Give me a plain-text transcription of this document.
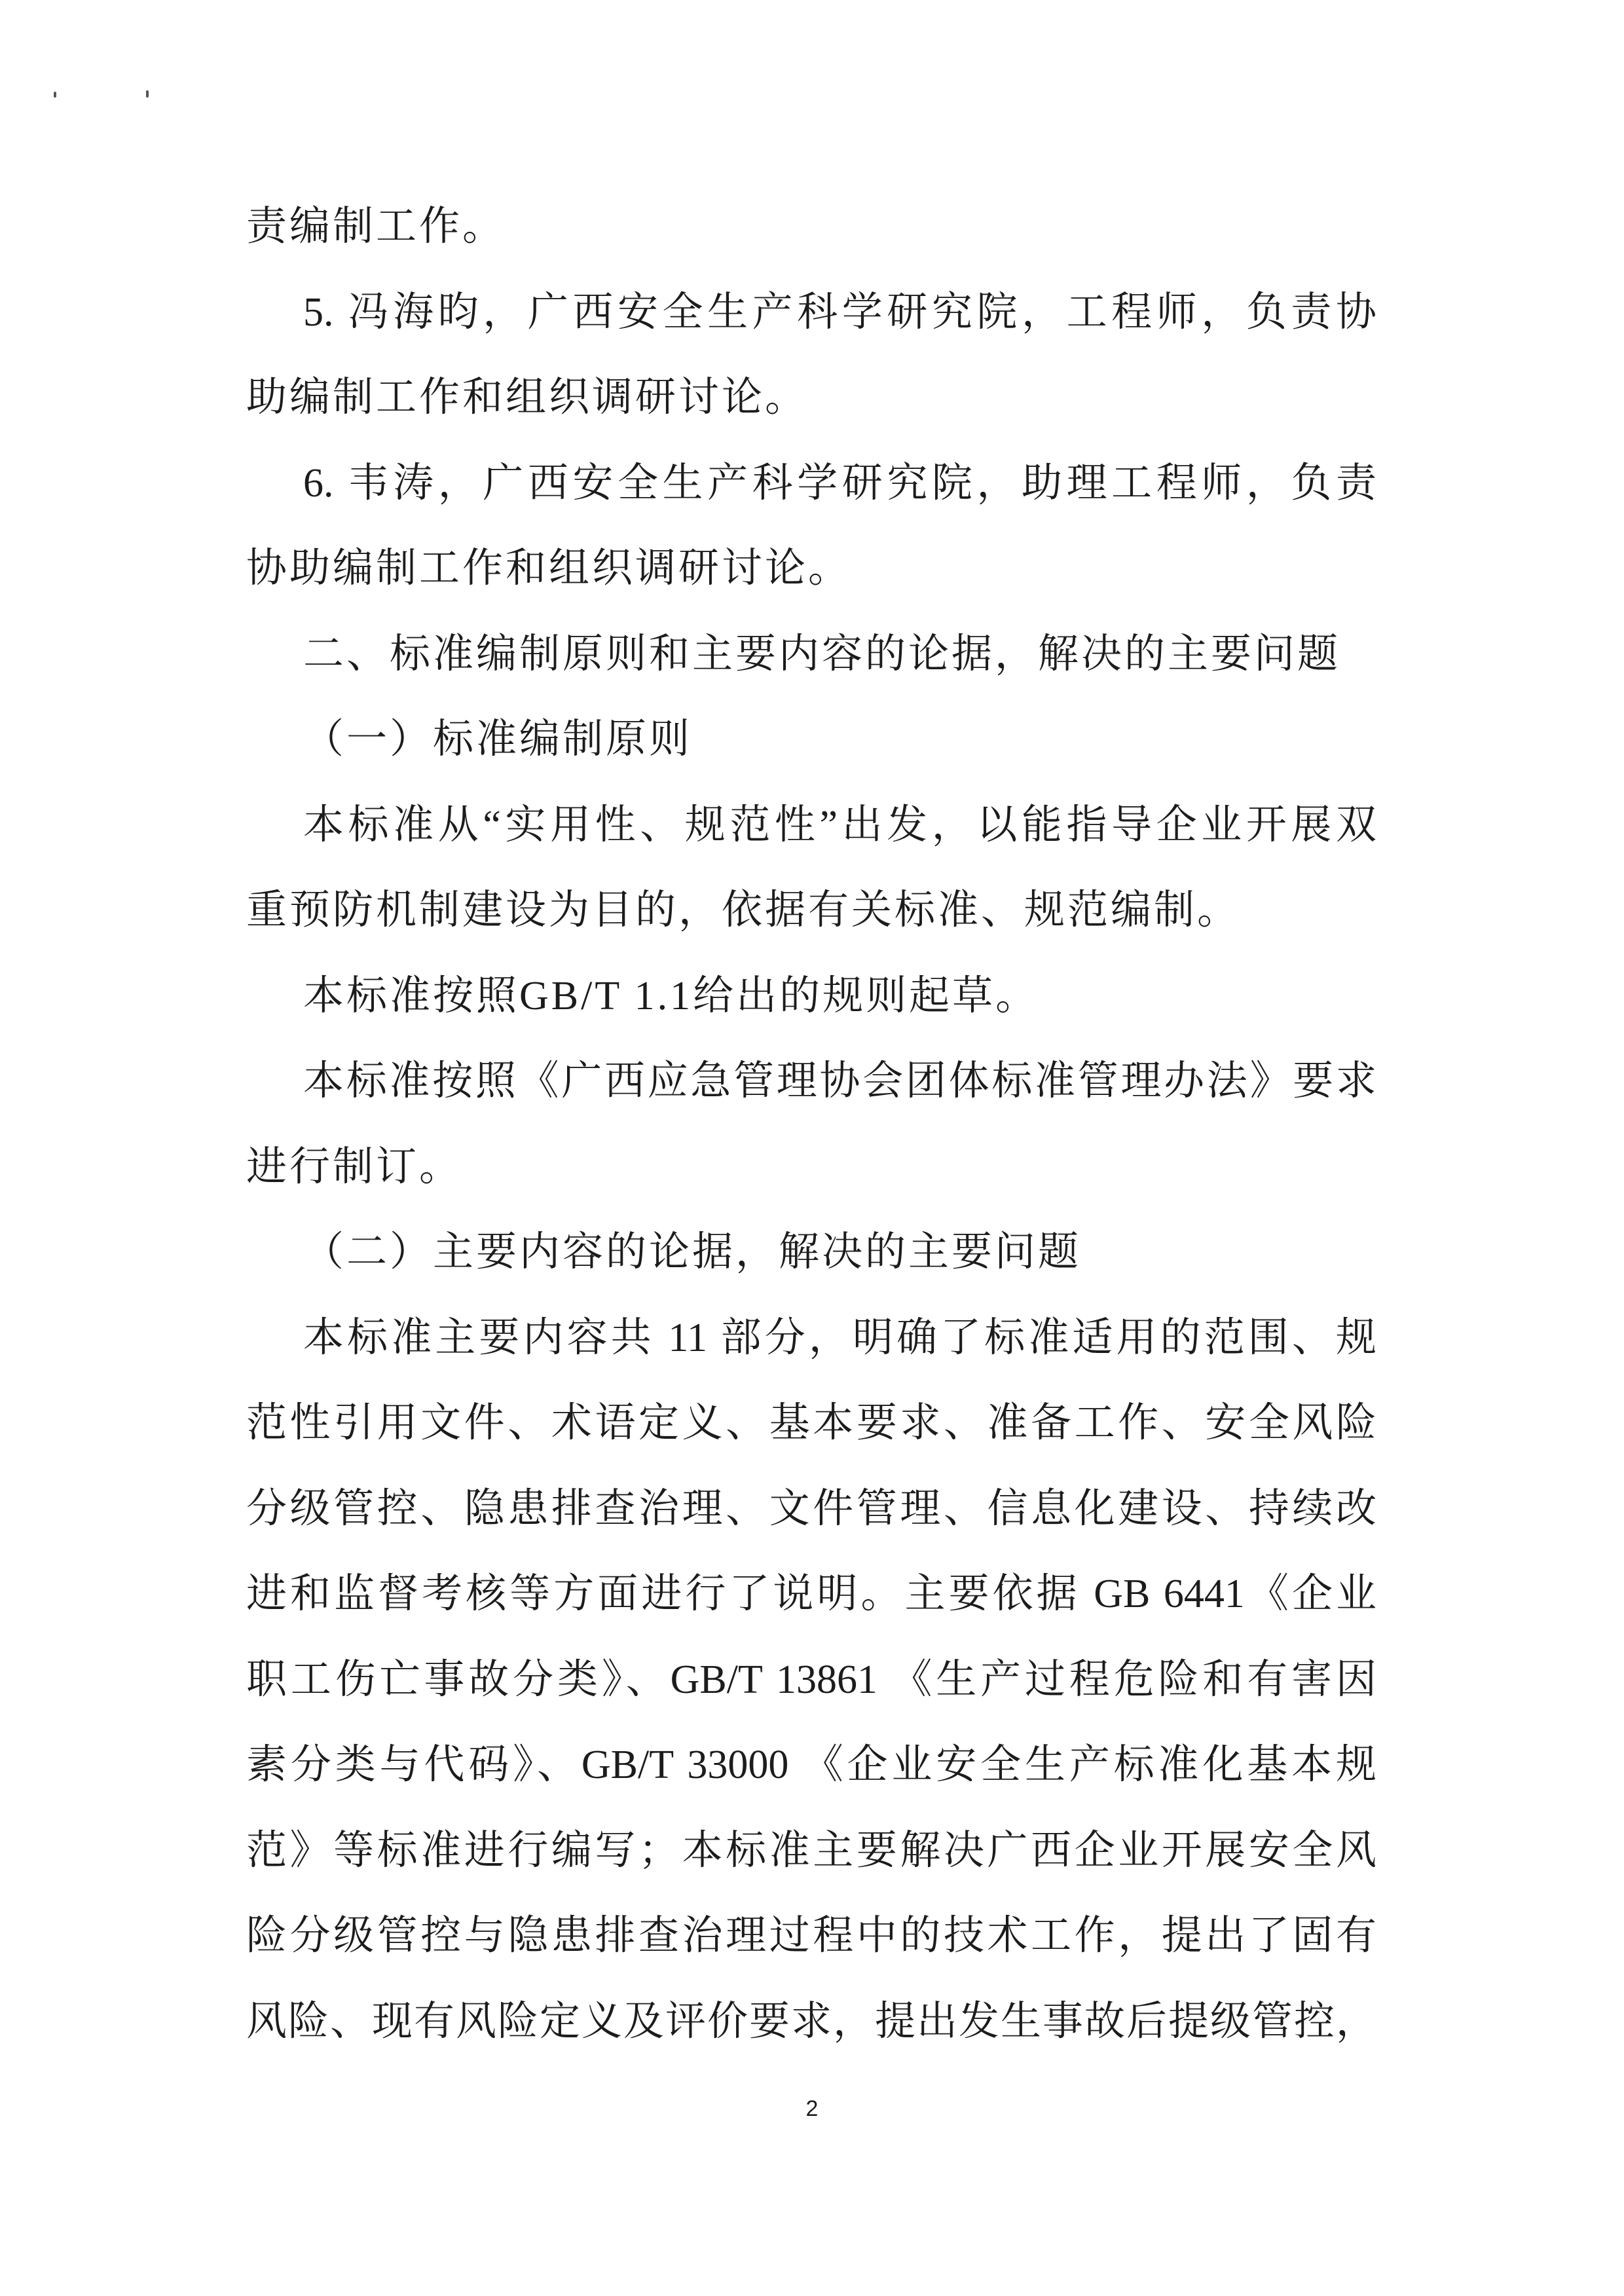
责编制工作。
5. 冯海昀，广西安全生产科学研究院，工程师，负责协
助编制工作和组织调研讨论。
6. 韦涛，广西安全生产科学研究院，助理工程师，负责
协助编制工作和组织调研讨论。
二、标准编制原则和主要内容的论据，解决的主要问题
（一）标准编制原则
本标准从“实用性、规范性”出发，以能指导企业开展双
重预防机制建设为目的，依据有关标准、规范编制。
本标准按照GB/T 1.1给出的规则起草。
本标准按照《广西应急管理协会团体标准管理办法》要求
进行制订。
（二）主要内容的论据，解决的主要问题
本标准主要内容共 11 部分，明确了标准适用的范围、规
范性引用文件、术语定义、基本要求、准备工作、安全风险
分级管控、隐患排查治理、文件管理、信息化建设、持续改
进和监督考核等方面进行了说明。主要依据 GB 6441《企业
职工伤亡事故分类》、GB/T 13861 《生产过程危险和有害因
素分类与代码》、GB/T 33000 《企业安全生产标准化基本规
范》等标准进行编写；本标准主要解决广西企业开展安全风
险分级管控与隐患排查治理过程中的技术工作，提出了固有
风险、现有风险定义及评价要求，提出发生事故后提级管控，
2
